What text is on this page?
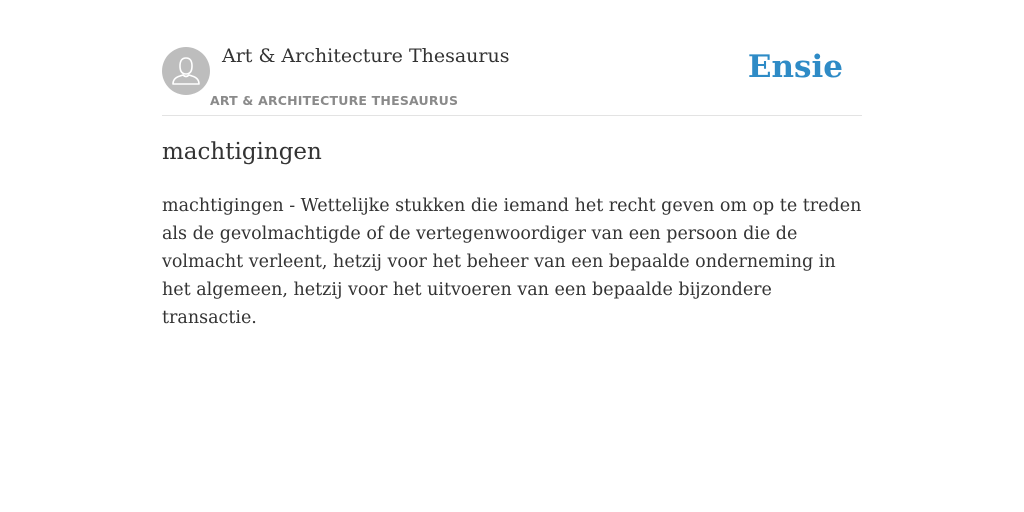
Art & Architecture Thesaurus
ART & ARCHITECTURE THESAURUS
Ensie
machtigingen

machtigingen - Wettelijke stukken die iemand het recht geven om op te treden als de gevolmachtigde of de vertegenwoordiger van een persoon die de volmacht verleent, hetzij voor het beheer van een bepaalde onderneming in het algemeen, hetzij voor het uitvoeren van een bepaalde bijzondere transactie.
